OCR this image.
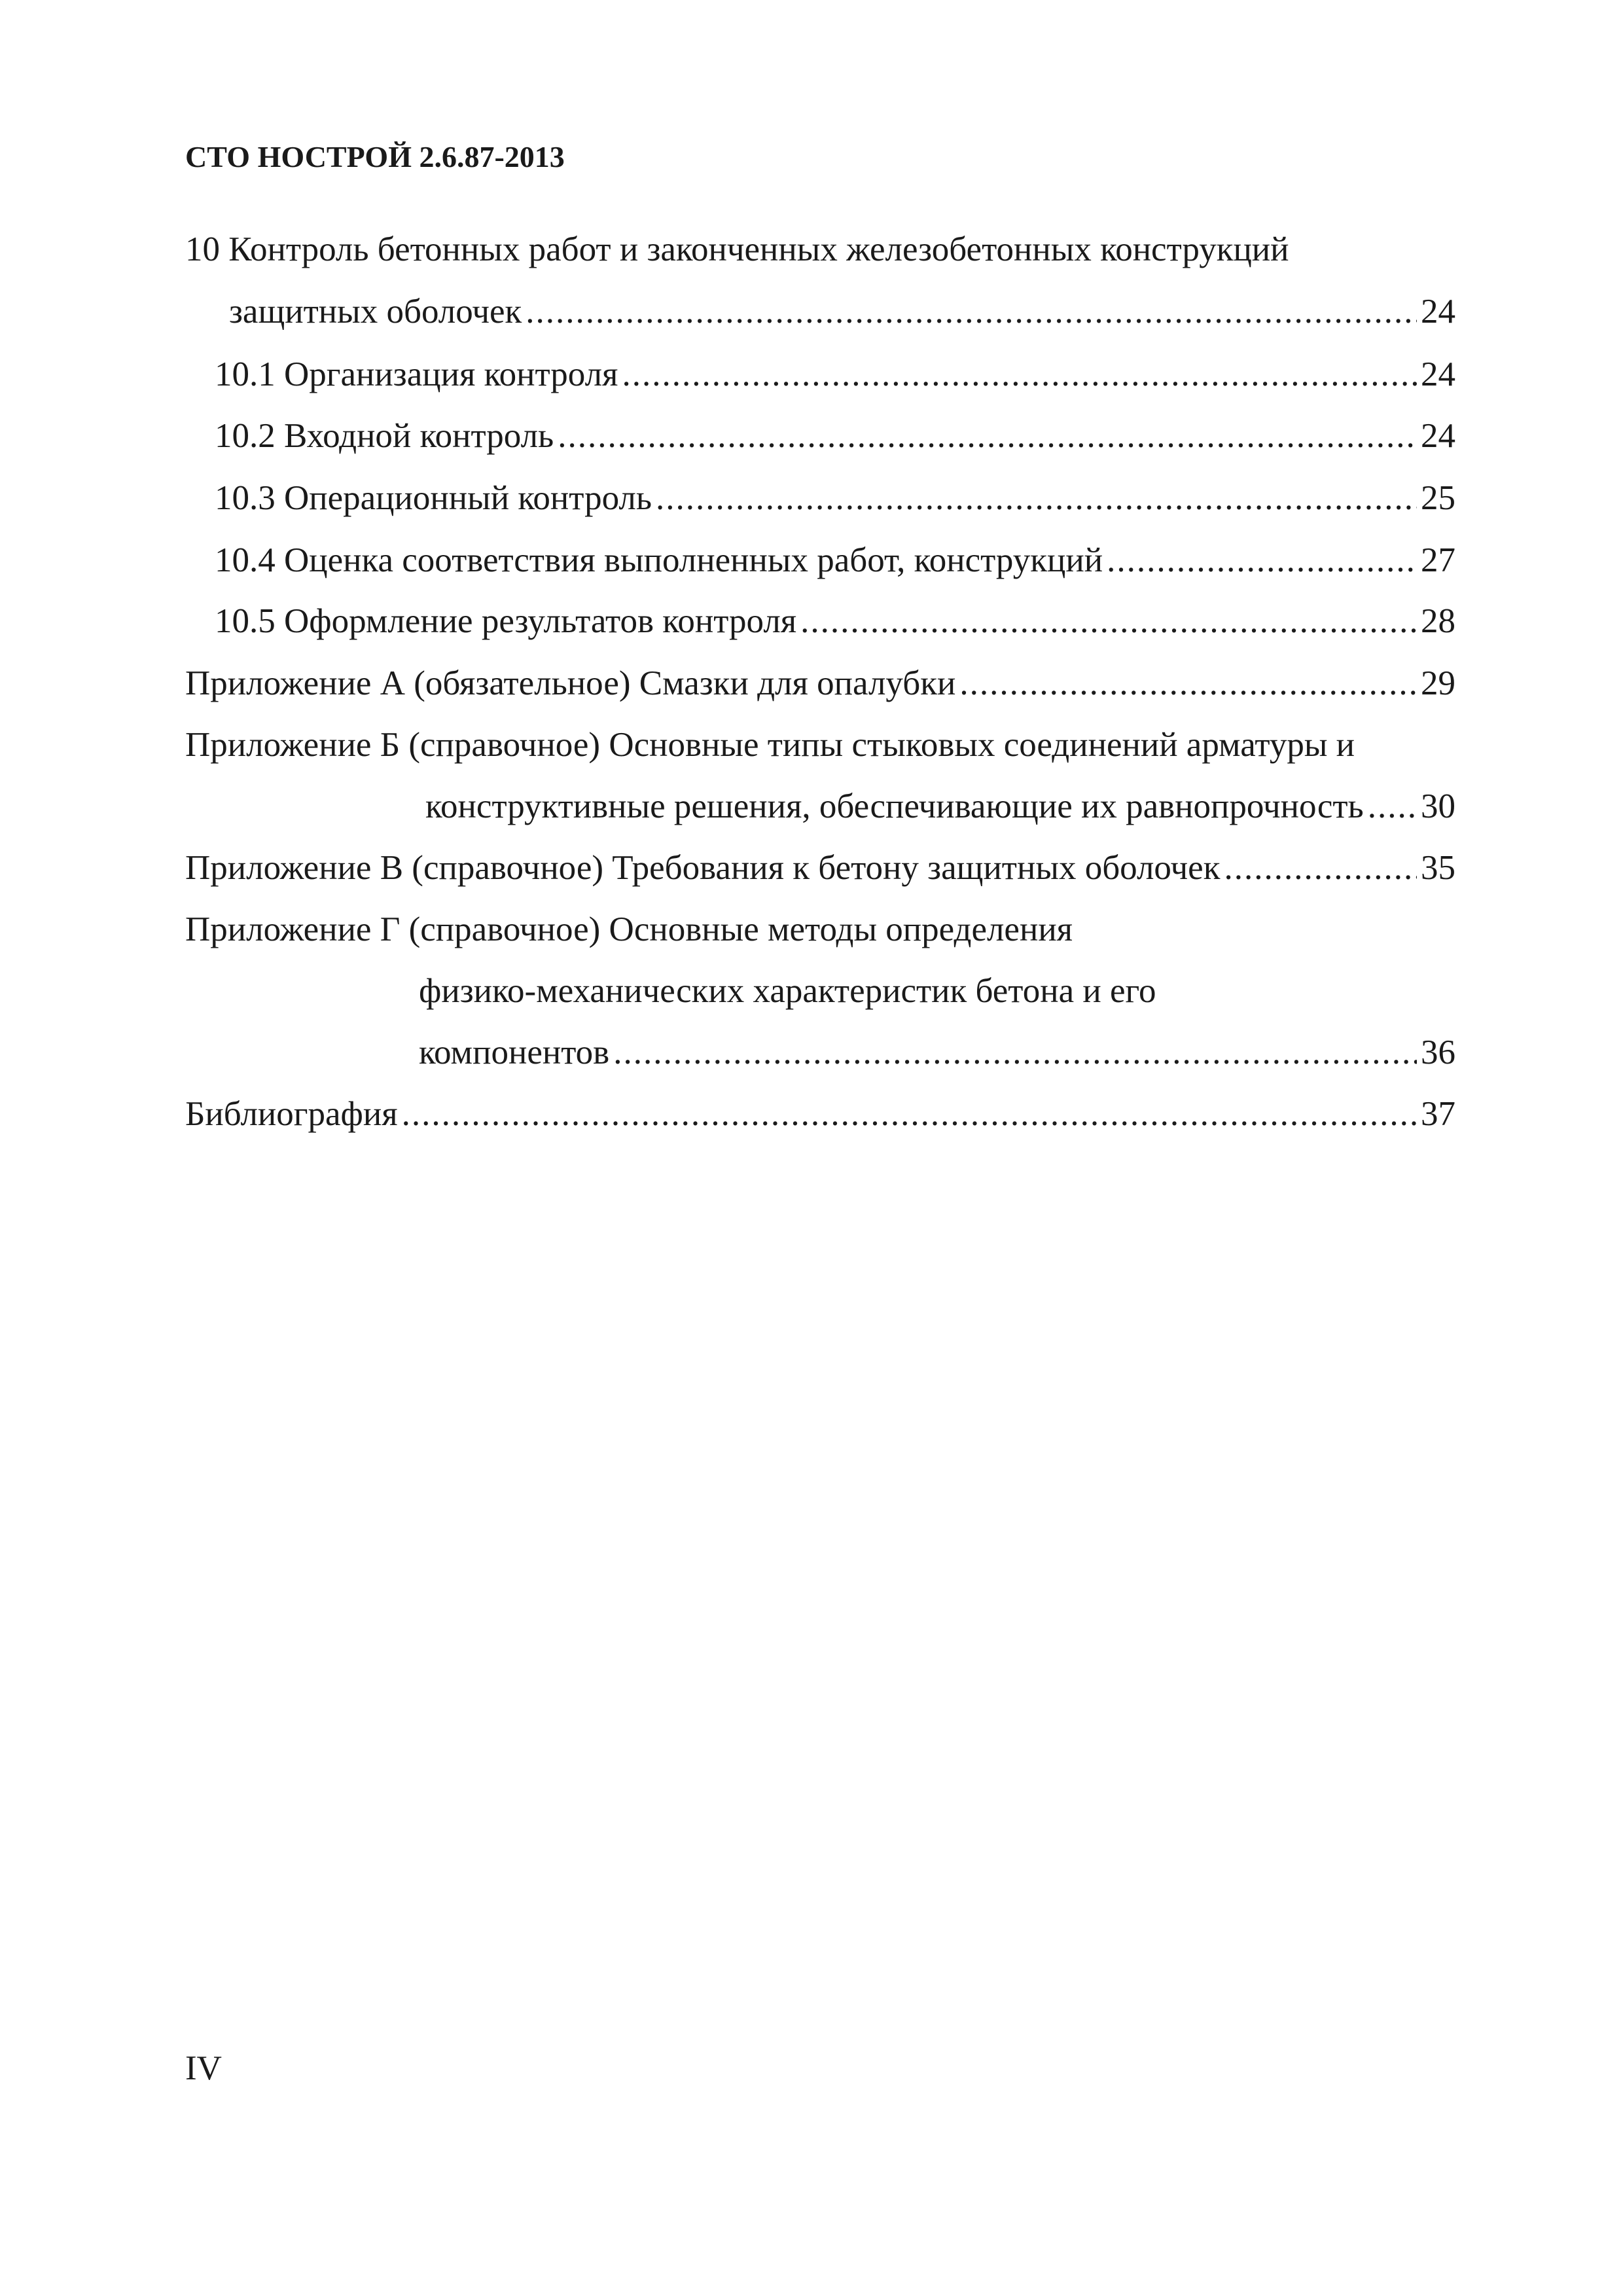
СТО НОСТРОЙ 2.6.87-2013
10 Контроль бетонных работ и законченных железобетонных конструкций
защитных оболочек .....	24
10.1 Организация контроля .....	24
10.2 Входной контроль .....	24
10.3 Операционный контроль .....	25
10.4 Оценка соответствия выполненных работ, конструкций .....	27
10.5 Оформление результатов контроля .....	28
Приложение А (обязательное) Смазки для опалубки .....	29
Приложение Б (справочное) Основные типы стыковых соединений арматуры и
конструктивные решения, обеспечивающие их равнопрочность ..... 30
Приложение В (справочное) Требования к бетону защитных оболочек .....	35
Приложение Г (справочное) Основные методы определения
физико-механических характеристик бетона и его
компонентов .....	36
Библиография .....	37
IV
